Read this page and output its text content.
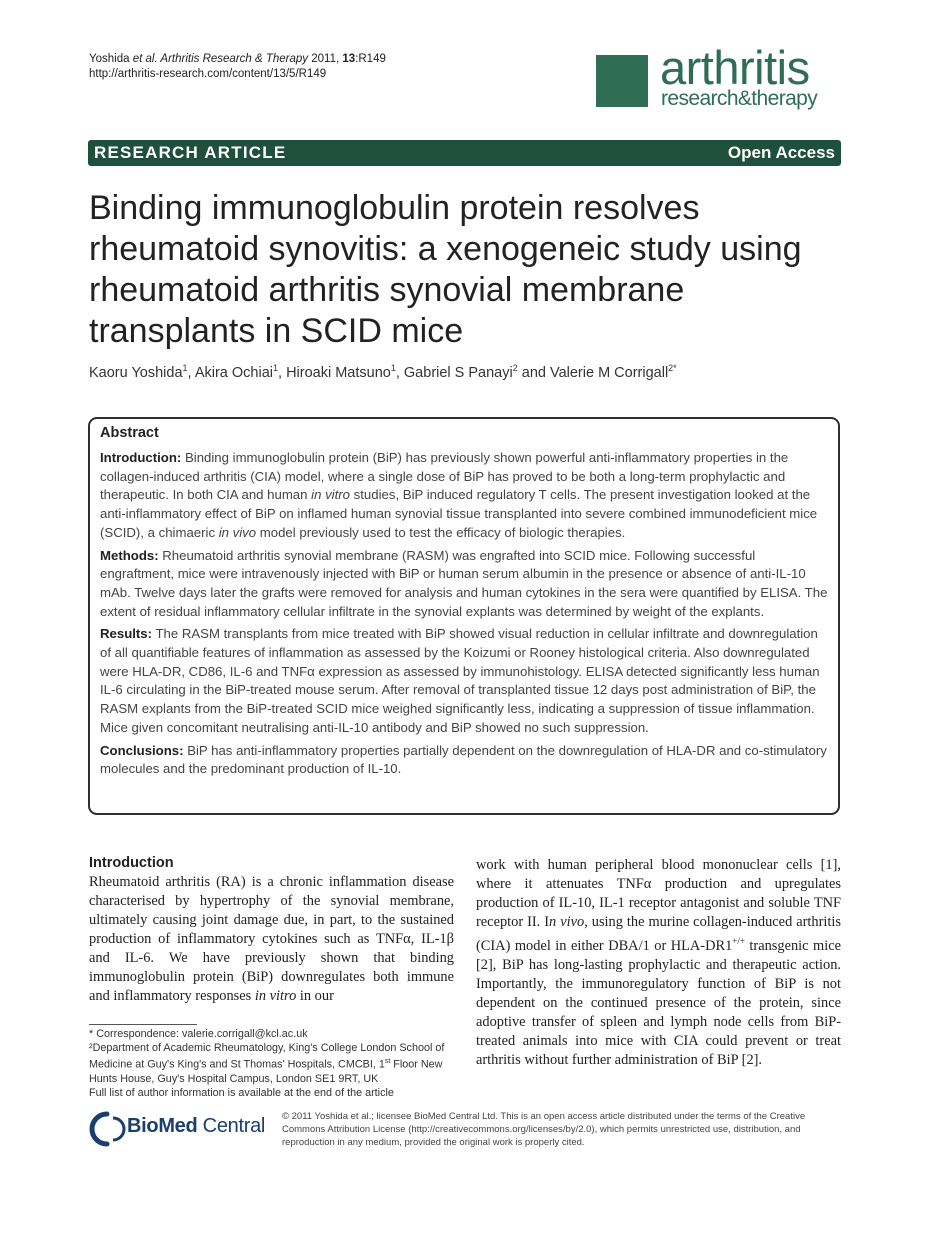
Yoshida et al. Arthritis Research & Therapy 2011, 13:R149
http://arthritis-research.com/content/13/5/R149	arthritis
research&therapy
RESEARCH ARTICLE	Open Access
Binding immunoglobulin protein resolves rheumatoid synovitis: a xenogeneic study using rheumatoid arthritis synovial membrane transplants in SCID mice
Kaoru Yoshida$^1$, Akira Ochiai$^1$, Hiroaki Matsuno$^1$, Gabriel S Panayi$^2$ and Valerie M Corrigall$^{2*}$
Abstract

Introduction: Binding immunoglobulin protein (BiP) has previously shown powerful anti-inflammatory properties in the collagen-induced arthritis (CIA) model, where a single dose of BiP has proved to be both a long-term prophylactic and therapeutic. In both CIA and human in vitro studies, BiP induced regulatory T cells. The present investigation looked at the anti-inflammatory effect of BiP on inflamed human synovial tissue transplanted into severe combined immunodeficient mice (SCID), a chimaeric in vivo model previously used to test the efficacy of biologic therapies.

Methods: Rheumatoid arthritis synovial membrane (RASM) was engrafted into SCID mice. Following successful engraftment, mice were intravenously injected with BiP or human serum albumin in the presence or absence of anti-IL-10 mAb. Twelve days later the grafts were removed for analysis and human cytokines in the sera were quantified by ELISA. The extent of residual inflammatory cellular infiltrate in the synovial explants was determined by weight of the explants.

Results: The RASM transplants from mice treated with BiP showed visual reduction in cellular infiltrate and downregulation of all quantifiable features of inflammation as assessed by the Koizumi or Rooney histological criteria. Also downregulated were HLA-DR, CD86, IL-6 and TNFα expression as assessed by immunohistology. ELISA detected significantly less human IL-6 circulating in the BiP-treated mouse serum. After removal of transplanted tissue 12 days post administration of BiP, the RASM explants from the BiP-treated SCID mice weighed significantly less, indicating a suppression of tissue inflammation. Mice given concomitant neutralising anti-IL-10 antibody and BiP showed no such suppression.

Conclusions: BiP has anti-inflammatory properties partially dependent on the downregulation of HLA-DR and co-stimulatory molecules and the predominant production of IL-10.

Introduction

Rheumatoid arthritis (RA) is a chronic inflammation disease characterised by hypertrophy of the synovial membrane, ultimately causing joint damage due, in part, to the sustained production of inflammatory cytokines such as TNFα, IL-1β and IL-6. We have previously shown that binding immunoglobulin protein (BiP) downregulates both immune and inflammatory responses in vitro in our

work with human peripheral blood mononuclear cells [1], where it attenuates TNFα production and upregulates production of IL-10, IL-1 receptor antagonist and soluble TNF receptor II. In vivo, using the murine collagen-induced arthritis (CIA) model in either DBA/1 or HLA-DR1+/+ transgenic mice [2], BiP has long-lasting prophylactic and therapeutic action. Importantly, the immunoregulatory function of BiP is not dependent on the continued presence of the protein, since adoptive transfer of spleen and lymph node cells from BiP-treated animals into mice with CIA could prevent or treat arthritis without further administration of BiP [2].

* Correspondence: valerie.corrigall@kcl.ac.uk

²Department of Academic Rheumatology, King's College London School of Medicine at Guy's King's and St Thomas' Hospitals, CMCBI, 1st Floor New Hunts House, Guy's Hospital Campus, London SE1 9RT, UK

Full list of author information is available at the end of the article

BioMed Central © 2011 Yoshida et al.; licensee BioMed Central Ltd. This is an open access article distributed under the terms of the Creative Commons Attribution License (http://creativecommons.org/licenses/by/2.0), which permits unrestricted use, distribution, and reproduction in any medium, provided the original work is properly cited.
